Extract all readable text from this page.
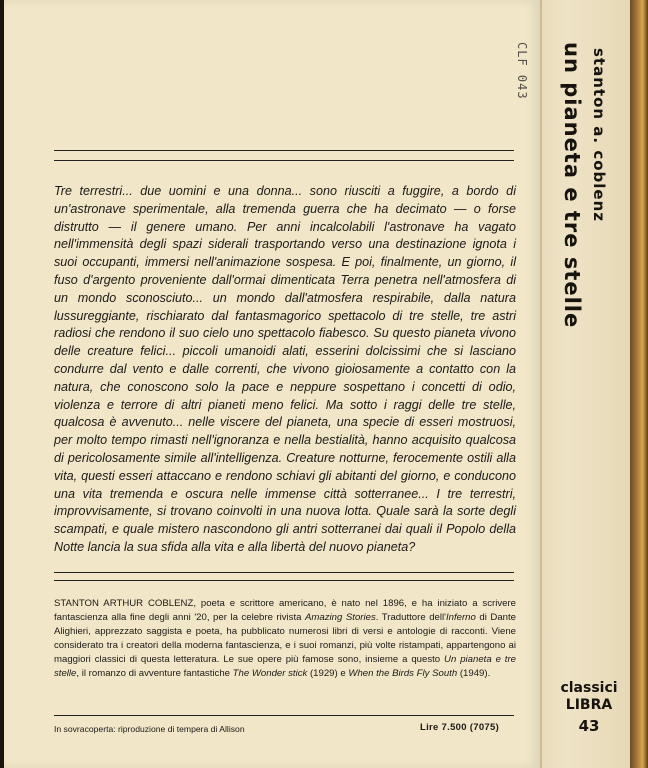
CLF 043

Tre terrestri... due uomini e una donna... sono riusciti a fuggire, a bordo di un'astronave sperimentale, alla tremenda guerra che ha decimato — o forse distrutto — il genere umano. Per anni incalcolabili l'astronave ha vagato nell'immensità degli spazi siderali trasportando verso una destinazione ignota i suoi occupanti, immersi nell'animazione sospesa. E poi, finalmente, un giorno, il fuso d'argento proveniente dall'ormai dimenticata Terra penetra nell'atmosfera di un mondo sconosciuto... un mondo dall'atmosfera respirabile, dalla natura lussureggiante, rischiarato dal fantasmagorico spettacolo di tre stelle, tre astri radiosi che rendono il suo cielo uno spettacolo fiabesco. Su questo pianeta vivono delle creature felici... piccoli umanoidi alati, esserini dolcissimi che si lasciano condurre dal vento e dalle correnti, che vivono gioiosamente a contatto con la natura, che conoscono solo la pace e neppure sospettano i concetti di odio, violenza e terrore di altri pianeti meno felici. Ma sotto i raggi delle tre stelle, qualcosa è avvenuto... nelle viscere del pianeta, una specie di esseri mostruosi, per molto tempo rimasti nell'ignoranza e nella bestialità, hanno acquisito qualcosa di pericolosamente simile all'intelligenza. Creature notturne, ferocemente ostili alla vita, questi esseri attaccano e rendono schiavi gli abitanti del giorno, e conducono una vita tremenda e oscura nelle immense città sotterranee... I tre terrestri, improvvisamente, si trovano coinvolti in una nuova lotta. Quale sarà la sorte degli scampati, e quale mistero nascondono gli antri sotterranei dai quali il Popolo della Notte lancia la sua sfida alla vita e alla libertà del nuovo pianeta?

STANTON ARTHUR COBLENZ, poeta e scrittore americano, è nato nel 1896, e ha iniziato a scrivere fantascienza alla fine degli anni '20, per la celebre rivista Amazing Stories. Traduttore dell'Inferno di Dante Alighieri, apprezzato saggista e poeta, ha pubblicato numerosi libri di versi e antologie di racconti. Viene considerato tra i creatori della moderna fantascienza, e i suoi romanzi, più volte ristampati, appartengono ai maggiori classici di questa letteratura. Le sue opere più famose sono, insieme a questo Un pianeta e tre stelle, il romanzo di avventure fantastiche The Wonder stick (1929) e When the Birds Fly South (1949).

In sovracoperta: riproduzione di tempera di Allison	Lire 7.500 (7075)
stanton a. coblenz
un pianeta e tre stelle
classici
LIBRA
43
